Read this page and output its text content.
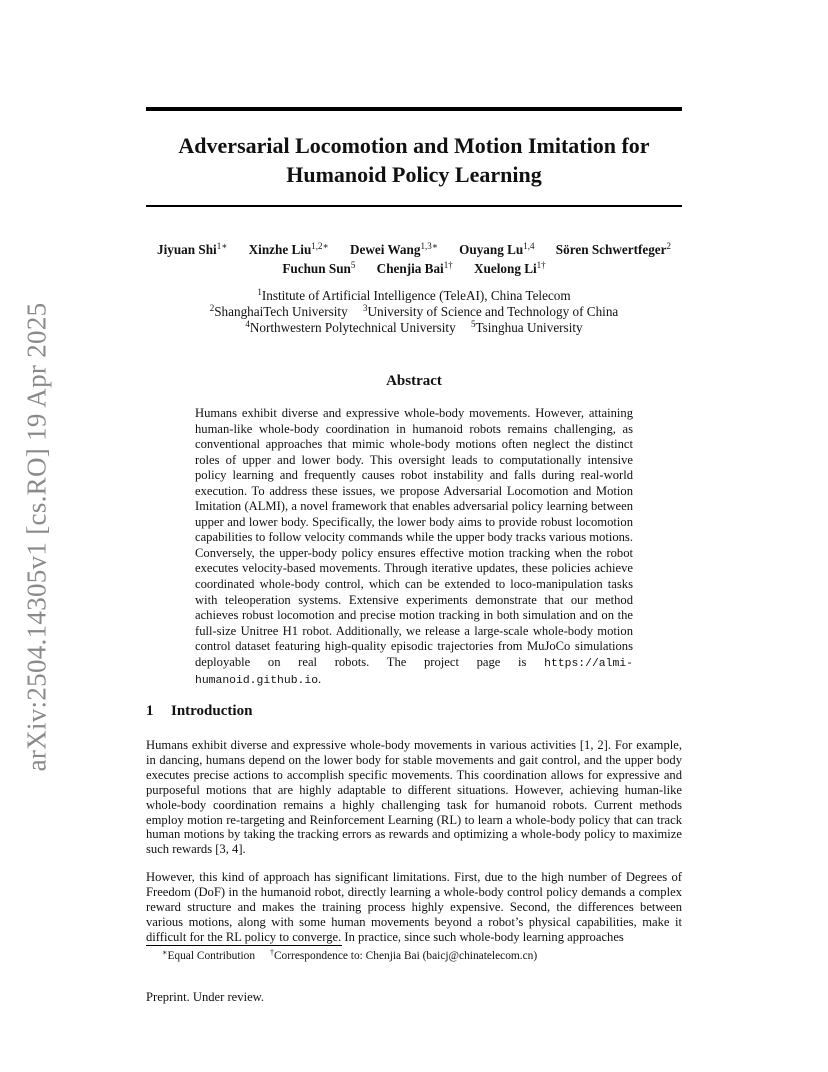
arXiv:2504.14305v1 [cs.RO] 19 Apr 2025
Adversarial Locomotion and Motion Imitation for
Humanoid Policy Learning
Jiyuan Shi$^{1∗}$ Xinzhe Liu$^{1,2∗}$ Dewei Wang$^{1,3∗}$ Ouyang Lu$^{1,4}$ Sören Schwertfeger$^2$
Fuchun Sun$^5$ Chenjia Bai$^{1\dagger}$ Xuelong $Li^{1\dagger}$
$^1$Institute of Artificial Intelligence (TeleAI), China Telecom
$^2$ShanghaiTech University $^3$University of Science and Technology of China
$^4$Northwestern Polytechnical University $^5$Tsinghua University
Abstract

Humans exhibit diverse and expressive whole-body movements. However, attaining human-like whole-body coordination in humanoid robots remains challenging, as conventional approaches that mimic whole-body motions often neglect the distinct roles of upper and lower body. This oversight leads to computationally intensive policy learning and frequently causes robot instability and falls during real-world execution. To address these issues, we propose Adversarial Locomotion and Motion Imitation (ALMI), a novel framework that enables adversarial policy learning between upper and lower body. Specifically, the lower body aims to provide robust locomotion capabilities to follow velocity commands while the upper body tracks various motions. Conversely, the upper-body policy ensures effective motion tracking when the robot executes velocity-based movements. Through iterative updates, these policies achieve coordinated whole-body control, which can be extended to loco-manipulation tasks with teleoperation systems. Extensive experiments demonstrate that our method achieves robust locomotion and precise motion tracking in both simulation and on the full-size Unitree H1 robot. Additionally, we release a large-scale whole-body motion control dataset featuring high-quality episodic trajectories from MuJoCo simulations deployable on real robots. The project page is https://almi-humanoid.github.io.

1 Introduction

Humans exhibit diverse and expressive whole-body movements in various activities [1, 2]. For example, in dancing, humans depend on the lower body for stable movements and gait control, and the upper body executes precise actions to accomplish specific movements. This coordination allows for expressive and purposeful motions that are highly adaptable to different situations. However, achieving human-like whole-body coordination remains a highly challenging task for humanoid robots. Current methods employ motion re-targeting and Reinforcement Learning (RL) to learn a whole-body policy that can track human motions by taking the tracking errors as rewards and optimizing a whole-body policy to maximize such rewards [3, 4].

However, this kind of approach has significant limitations. First, due to the high number of Degrees of Freedom (DoF) in the humanoid robot, directly learning a whole-body control policy demands a complex reward structure and makes the training process highly expensive. Second, the differences between various motions, along with some human movements beyond a robot’s physical capabilities, make it difficult for the RL policy to converge. In practice, since such whole-body learning approaches

∗Equal Contribution †Correspondence to: Chenjia Bai (baicj@chinatelecom.cn)

Preprint. Under review.
